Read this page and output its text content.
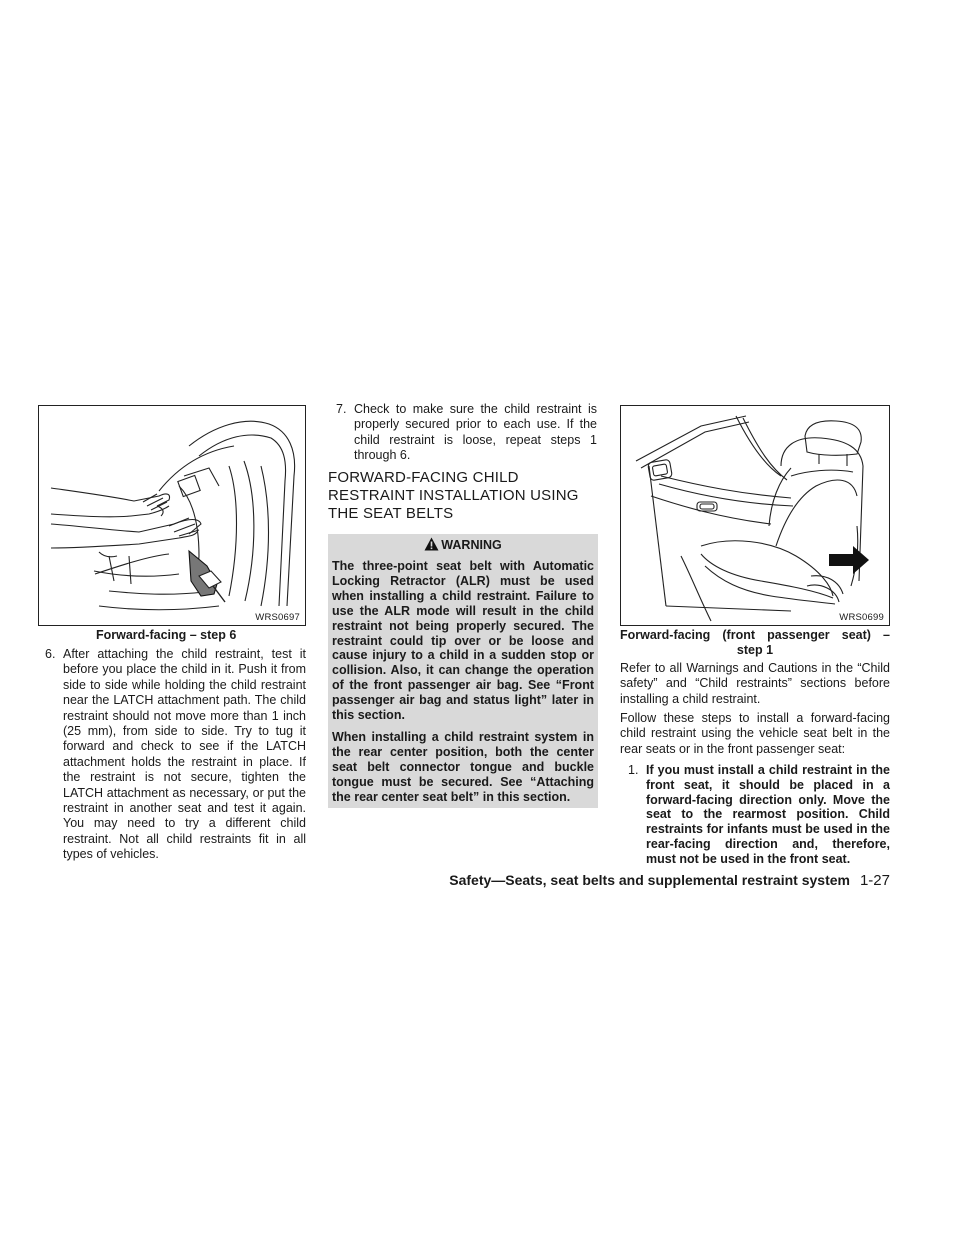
WRS0697
Forward-facing – step 6
6. After attaching the child restraint, test it before you place the child in it. Push it from side to side while holding the child restraint near the LATCH attachment path. The child restraint should not move more than 1 inch (25 mm), from side to side. Try to tug it forward and check to see if the LATCH attachment holds the restraint in place. If the restraint is not secure, tighten the LATCH attachment as necessary, or put the restraint in another seat and test it again. You may need to try a different child restraint. Not all child restraints fit in all types of vehicles.
7. Check to make sure the child restraint is properly secured prior to each use. If the child restraint is loose, repeat steps 1 through 6.
FORWARD-FACING CHILD
RESTRAINT INSTALLATION USING
THE SEAT BELTS
WARNING
The three-point seat belt with Automatic Locking Retractor (ALR) must be used when installing a child restraint. Failure to use the ALR mode will result in the child restraint not being properly secured. The restraint could tip over or be loose and cause injury to a child in a sudden stop or collision. Also, it can change the operation of the front passenger air bag. See “Front passenger air bag and status light” later in this section.
When installing a child restraint system in the rear center position, both the center seat belt connector tongue and buckle tongue must be secured. See “Attaching the rear center seat belt” in this section.
WRS0699
Forward-facing (front passenger seat) –
step 1
Refer to all Warnings and Cautions in the “Child safety” and “Child restraints” sections before installing a child restraint.
Follow these steps to install a forward-facing child restraint using the vehicle seat belt in the rear seats or in the front passenger seat:
1. If you must install a child restraint in the front seat, it should be placed in a forward-facing direction only. Move the seat to the rearmost position. Child restraints for infants must be used in the rear-facing direction and, therefore, must not be used in the front seat.
Safety—Seats, seat belts and supplemental restraint system 1-27
